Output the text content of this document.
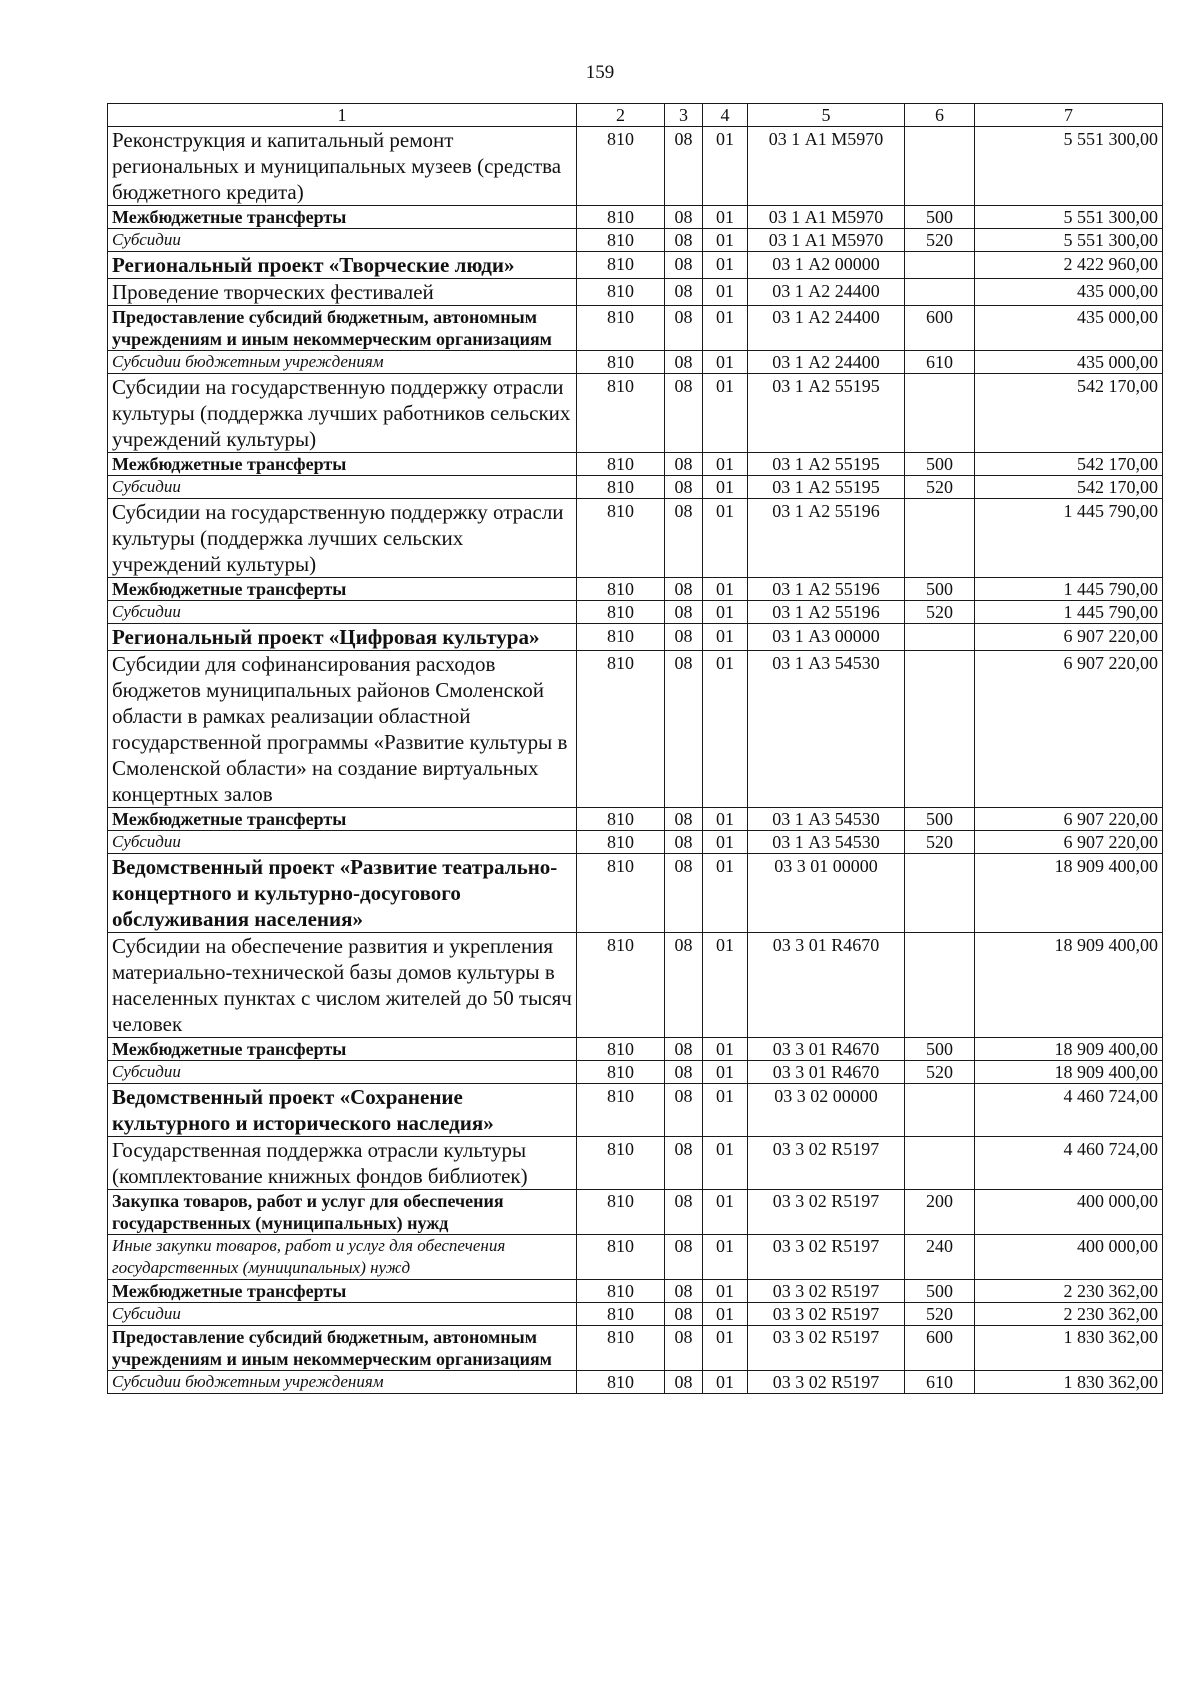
159
1	2	3	4	5	6	7
Реконструкция и капитальный ремонт региональных и муниципальных музеев (средства бюджетного кредита)	810	08	01	03 1 А1 М5970		5 551 300,00
Межбюджетные трансферты	810	08	01	03 1 А1 М5970	500	5 551 300,00
Субсидии	810	08	01	03 1 А1 М5970	520	5 551 300,00
Региональный проект «Творческие люди»	810	08	01	03 1 А2 00000		2 422 960,00
Проведение творческих фестивалей	810	08	01	03 1 А2 24400		435 000,00
Предоставление субсидий бюджетным, автономным учреждениям и иным некоммерческим организациям	810	08	01	03 1 А2 24400	600	435 000,00
Субсидии бюджетным учреждениям	810	08	01	03 1 А2 24400	610	435 000,00
Субсидии на государственную поддержку отрасли культуры (поддержка лучших работников сельских учреждений культуры)	810	08	01	03 1 А2 55195		542 170,00
Межбюджетные трансферты	810	08	01	03 1 А2 55195	500	542 170,00
Субсидии	810	08	01	03 1 А2 55195	520	542 170,00
Субсидии на государственную поддержку отрасли культуры (поддержка лучших сельских учреждений культуры)	810	08	01	03 1 А2 55196		1 445 790,00
Межбюджетные трансферты	810	08	01	03 1 А2 55196	500	1 445 790,00
Субсидии	810	08	01	03 1 А2 55196	520	1 445 790,00
Региональный проект «Цифровая культура»	810	08	01	03 1 А3 00000		6 907 220,00
Субсидии для софинансирования расходов бюджетов муниципальных районов Смоленской области в рамках реализации областной государственной программы «Развитие культуры в Смоленской области» на создание виртуальных концертных залов	810	08	01	03 1 А3 54530		6 907 220,00
Межбюджетные трансферты	810	08	01	03 1 А3 54530	500	6 907 220,00
Субсидии	810	08	01	03 1 А3 54530	520	6 907 220,00
Ведомственный проект «Развитие театрально-концертного и культурно-досугового обслуживания населения»	810	08	01	03 3 01 00000		18 909 400,00
Субсидии на обеспечение развития и укрепления материально-технической базы домов культуры в населенных пунктах с числом жителей до 50 тысяч человек	810	08	01	03 3 01 R4670		18 909 400,00
Межбюджетные трансферты	810	08	01	03 3 01 R4670	500	18 909 400,00
Субсидии	810	08	01	03 3 01 R4670	520	18 909 400,00
Ведомственный проект «Сохранение культурного и исторического наследия»	810	08	01	03 3 02 00000		4 460 724,00
Государственная поддержка отрасли культуры (комплектование книжных фондов библиотек)	810	08	01	03 3 02 R5197		4 460 724,00
Закупка товаров, работ и услуг для обеспечения государственных (муниципальных) нужд	810	08	01	03 3 02 R5197	200	400 000,00
Иные закупки товаров, работ и услуг для обеспечения государственных (муниципальных) нужд	810	08	01	03 3 02 R5197	240	400 000,00
Межбюджетные трансферты	810	08	01	03 3 02 R5197	500	2 230 362,00
Субсидии	810	08	01	03 3 02 R5197	520	2 230 362,00
Предоставление субсидий бюджетным, автономным учреждениям и иным некоммерческим организациям	810	08	01	03 3 02 R5197	600	1 830 362,00
Субсидии бюджетным учреждениям	810	08	01	03 3 02 R5197	610	1 830 362,00
